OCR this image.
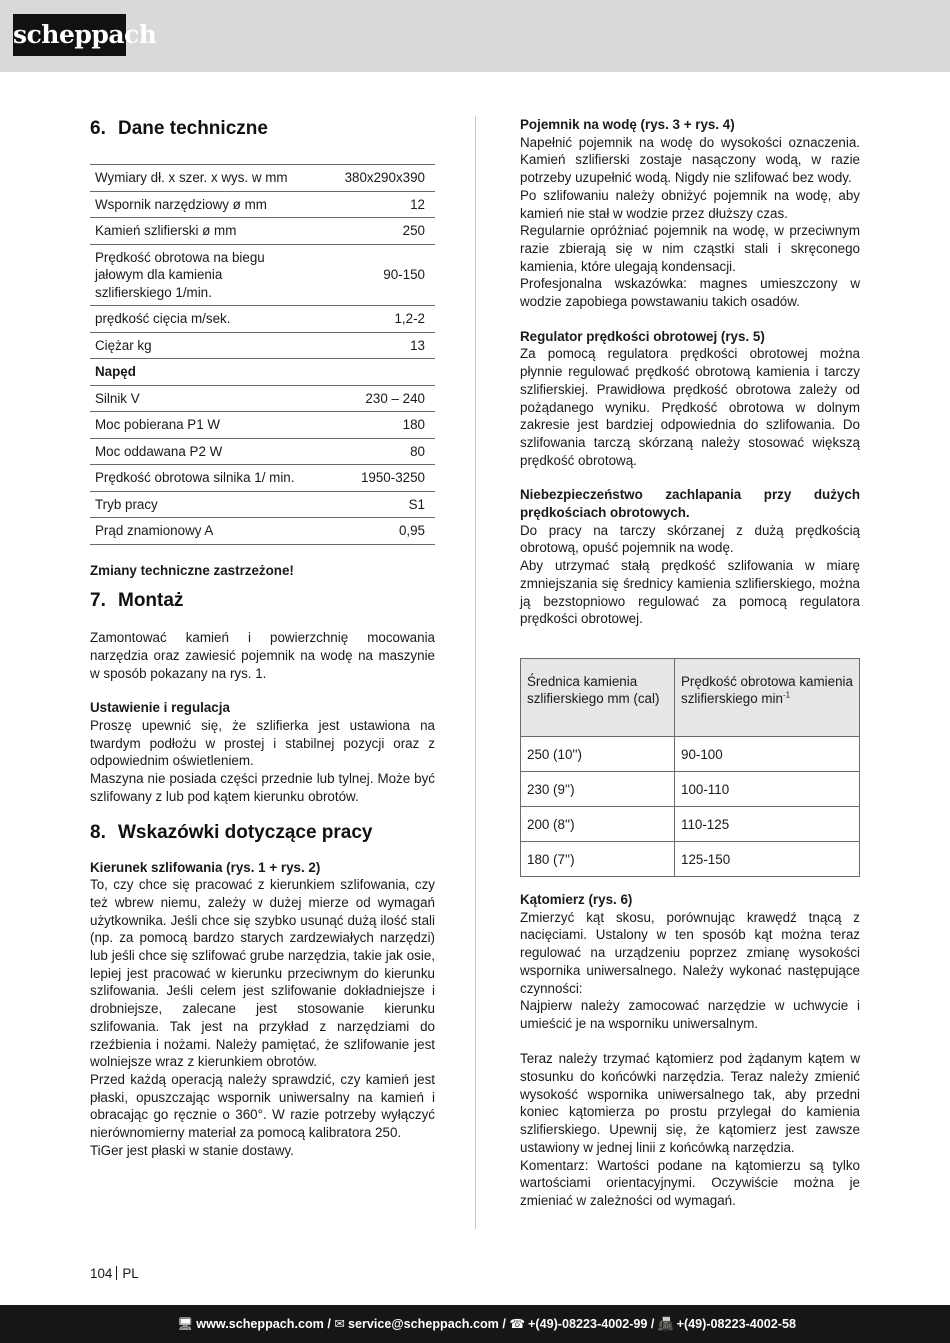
scheppach
6. Dane techniczne
Wymiary dł. x szer. x wys. w mm	380x290x390
Wspornik narzędziowy ø mm	12
Kamień szlifierski ø mm	250
Prędkość obrotowa na biegu jałowym dla kamienia szlifierskiego 1/min.	90-150
prędkość cięcia m/sek.	1,2-2
Ciężar kg	13
Napęd	
Silnik V	230 – 240
Moc pobierana P1 W	180
Moc oddawana P2 W	80
Prędkość obrotowa silnika 1/ min.	1950-3250
Tryb pracy	S1
Prąd znamionowy A	0,95

Zmiany techniczne zastrzeżone!

7. Montaż

Zamontować kamień i powierzchnię mocowania narzędzia oraz zawiesić pojemnik na wodę na maszynie w sposób pokazany na rys. 1.

Ustawienie i regulacja

Proszę upewnić się, że szlifierka jest ustawiona na twardym podłożu w prostej i stabilnej pozycji oraz z odpowiednim oświetleniem.

Maszyna nie posiada części przednie lub tylnej. Może być szlifowany z lub pod kątem kierunku obrotów.

8. Wskazówki dotyczące pracy

Kierunek szlifowania (rys. 1 + rys. 2)

To, czy chce się pracować z kierunkiem szlifowania, czy też wbrew niemu, zależy w dużej mierze od wymagań użytkownika. Jeśli chce się szybko usunąć dużą ilość stali (np. za pomocą bardzo starych zardzewiałych narzędzi) lub jeśli chce się szlifować grube narzędzia, takie jak osie, lepiej jest pracować w kierunku przeciwnym do kierunku szlifowania. Jeśli celem jest szlifowanie dokładniejsze i drobniejsze, zalecane jest stosowanie kierunku szlifowania. Tak jest na przykład z narzędziami do rzeźbienia i nożami. Należy pamiętać, że szlifowanie jest wolniejsze wraz z kierunkiem obrotów.

Przed każdą operacją należy sprawdzić, czy kamień jest płaski, opuszczając wspornik uniwersalny na kamień i obracając go ręcznie o 360°. W razie potrzeby wyłączyć nierównomierny materiał za pomocą kalibratora 250.

TiGer jest płaski w stanie dostawy.

Pojemnik na wodę (rys. 3 + rys. 4)

Napełnić pojemnik na wodę do wysokości oznaczenia. Kamień szlifierski zostaje nasączony wodą, w razie potrzeby uzupełnić wodą. Nigdy nie szlifować bez wody.

Po szlifowaniu należy obniżyć pojemnik na wodę, aby kamień nie stał w wodzie przez dłuższy czas.

Regularnie opróżniać pojemnik na wodę, w przeciwnym razie zbierają się w nim cząstki stali i skręconego kamienia, które ulegają kondensacji.

Profesjonalna wskazówka: magnes umieszczony w wodzie zapobiega powstawaniu takich osadów.

Regulator prędkości obrotowej (rys. 5)

Za pomocą regulatora prędkości obrotowej można płynnie regulować prędkość obrotową kamienia i tarczy szlifierskiej. Prawidłowa prędkość obrotowa zależy od pożądanego wyniku. Prędkość obrotowa w dolnym zakresie jest bardziej odpowiednia do szlifowania. Do szlifowania tarczą skórzaną należy stosować większą prędkość obrotową.

Niebezpieczeństwo zachlapania przy dużych prędkościach obrotowych.

Do pracy na tarczy skórzanej z dużą prędkością obrotową, opuść pojemnik na wodę.

Aby utrzymać stałą prędkość szlifowania w miarę zmniejszania się średnicy kamienia szlifierskiego, można ją bezstopniowo regulować za pomocą regulatora prędkości obrotowej.

Średnica kamienia szlifierskiego mm (cal)	Prędkość obrotowa kamienia szlifierskiego $\min^{-1}$
250 (10'')	90-100
230 (9'')	100-110
200 (8'')	110-125
180 (7'')	125-150

Kątomierz (rys. 6)

Zmierzyć kąt skosu, porównując krawędź tnącą z nacięciami. Ustalony w ten sposób kąt można teraz regulować na urządzeniu poprzez zmianę wysokości wspornika uniwersalnego. Należy wykonać następujące czynności:

Najpierw należy zamocować narzędzie w uchwycie i umieścić je na wsporniku uniwersalnym.

Teraz należy trzymać kątomierz pod żądanym kątem w stosunku do końcówki narzędzia. Teraz należy zmienić wysokość wspornika uniwersalnego tak, aby przedni koniec kątomierza po prostu przylegał do kamienia szlifierskiego. Upewnij się, że kątomierz jest zawsze ustawiony w jednej linii z końcówką narzędzia.

Komentarz: Wartości podane na kątomierzu są tylko wartościami orientacyjnymi. Oczywiście można je zmieniać w zależności od wymagań.

104 PL
🖥 www.scheppach.com / ✉ service@scheppach.com / ☎ +(49)-08223-4002-99 / 📠 +(49)-08223-4002-58
